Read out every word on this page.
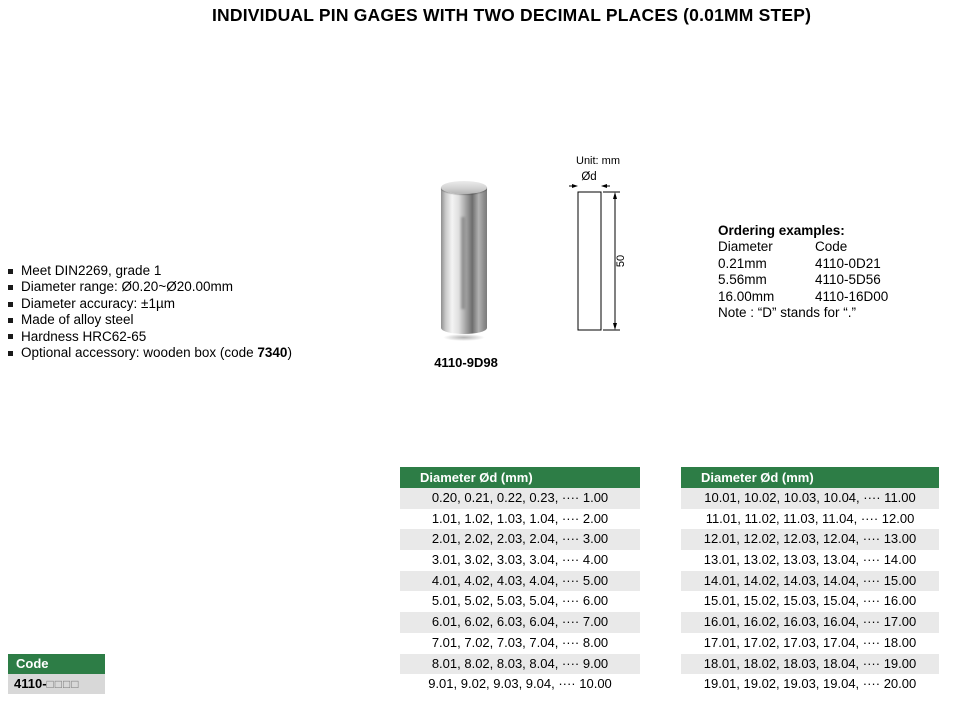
INDIVIDUAL PIN GAGES WITH TWO DECIMAL PLACES (0.01MM STEP)
Meet DIN2269, grade 1
Diameter range: Ø0.20~Ø20.00mm
Diameter accuracy: ±1µm
Made of alloy steel
Hardness HRC62-65
Optional accessory: wooden box (code 7340)
4110-9D98
Unit: mm
Ød
50
Ordering examples:
Diameter	Code
0.21mm	4110-0D21
5.56mm	4110-5D56
16.00mm	4110-16D00
Note : “D” stands for “.”
Diameter Ød (mm)
0.20, 0.21, 0.22, 0.23, ···· 1.00
1.01, 1.02, 1.03, 1.04, ···· 2.00
2.01, 2.02, 2.03, 2.04, ···· 3.00
3.01, 3.02, 3.03, 3.04, ···· 4.00
4.01, 4.02, 4.03, 4.04, ···· 5.00
5.01, 5.02, 5.03, 5.04, ···· 6.00
6.01, 6.02, 6.03, 6.04, ···· 7.00
7.01, 7.02, 7.03, 7.04, ···· 8.00
8.01, 8.02, 8.03, 8.04, ···· 9.00
9.01, 9.02, 9.03, 9.04, ···· 10.00
Diameter Ød (mm)
10.01, 10.02, 10.03, 10.04, ···· 11.00
11.01, 11.02, 11.03, 11.04, ···· 12.00
12.01, 12.02, 12.03, 12.04, ···· 13.00
13.01, 13.02, 13.03, 13.04, ···· 14.00
14.01, 14.02, 14.03, 14.04, ···· 15.00
15.01, 15.02, 15.03, 15.04, ···· 16.00
16.01, 16.02, 16.03, 16.04, ···· 17.00
17.01, 17.02, 17.03, 17.04, ···· 18.00
18.01, 18.02, 18.03, 18.04, ···· 19.00
19.01, 19.02, 19.03, 19.04, ···· 20.00
Code
4110-□□□□
